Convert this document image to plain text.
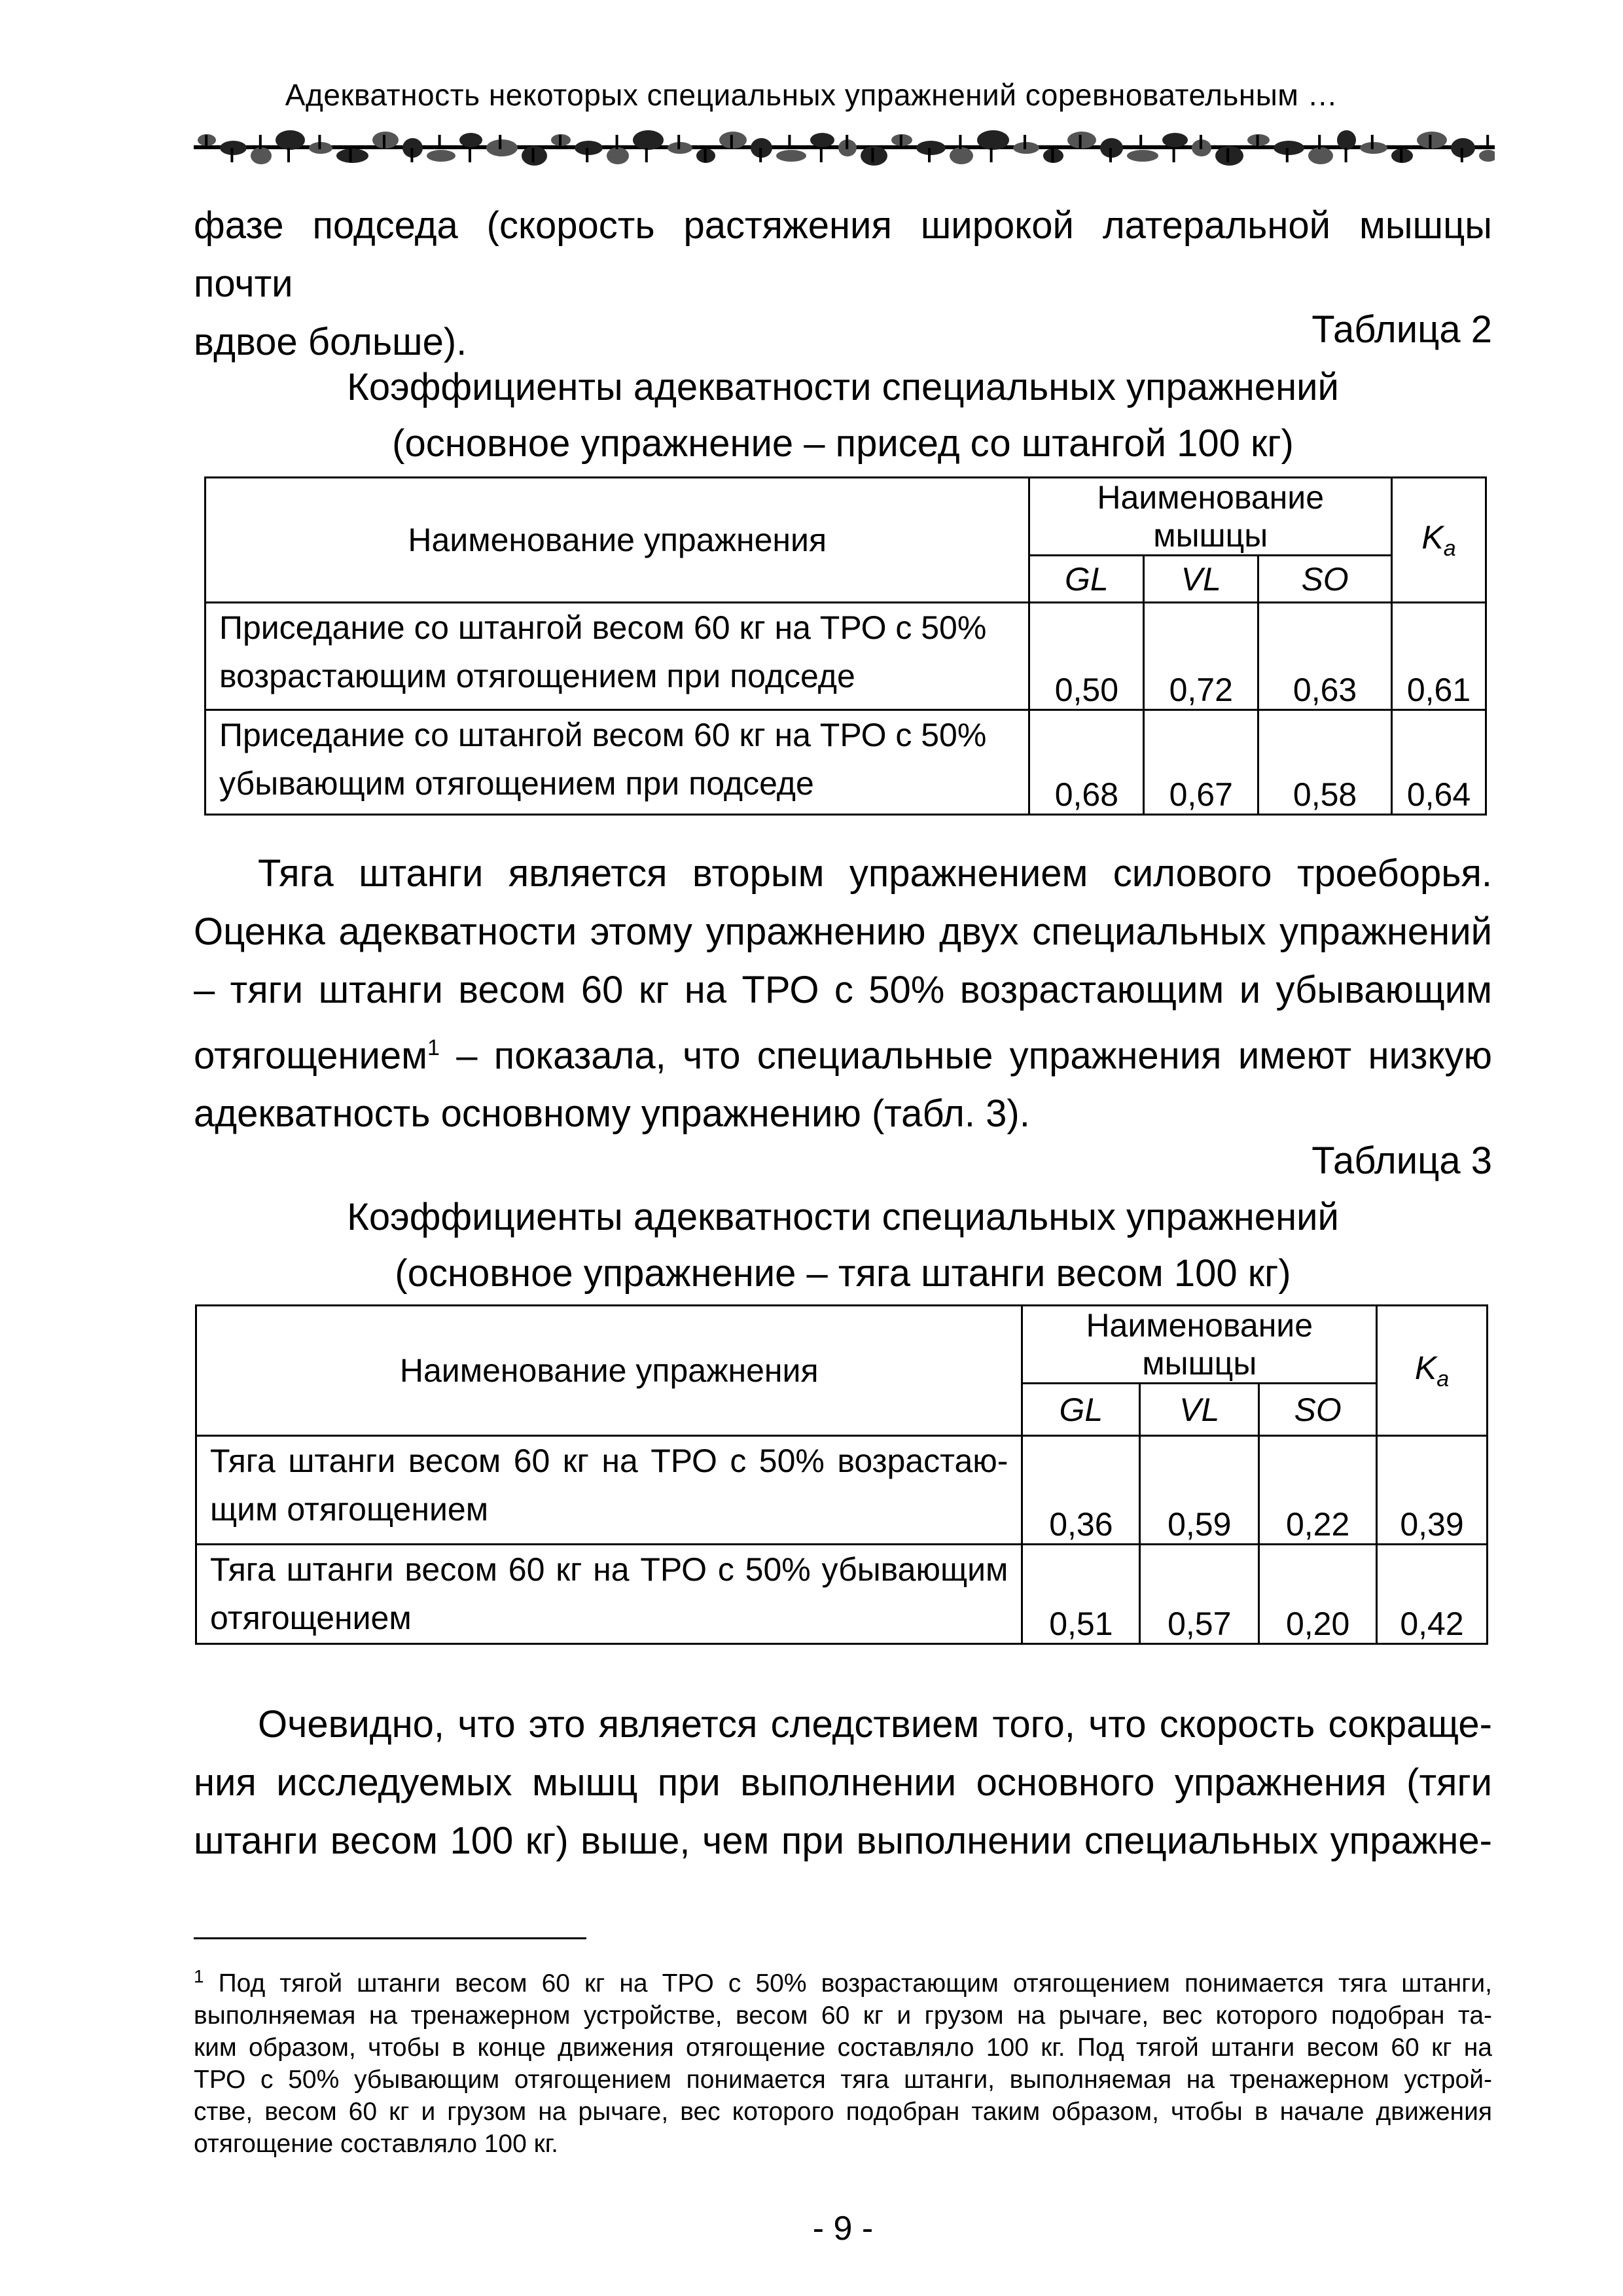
Адекватность некоторых специальных упражнений соревновательным …
фазе подседа (скорость растяжения широкой латеральной мышцы почти
вдвое больше).	Таблица 2
Коэффициенты адекватности специальных упражнений
(основное упражнение – присед со штангой 100 кг)
Наименование упражнения	Наименование мышцы			$K_а$
	GL	VL	SO	

Приседание со штангой весом 60 кг на ТРО с 50%
возрастающим отягощением при подседе	0,50	0,72	0,63	0,61

Приседание со штангой весом 60 кг на ТРО с 50%
убывающим отягощением при подседе	0,68	0,67	0,58	0,64
Тяга штанги является вторым упражнением силового троеборья.
Оценка адекватности этому упражнению двух специальных упражнений
– тяги штанги весом 60 кг на ТРО с 50% возрастающим и убывающим
отягощением$^1$ – показала, что специальные упражнения имеют низкую
адекватность основному упражнению (табл. 3).
Таблица 3
Коэффициенты адекватности специальных упражнений
(основное упражнение – тяга штанги весом 100 кг)
Наименование упражнения	Наименование мышцы			$K_а$
	GL	VL	SO	

Тяга штанги весом 60 кг на ТРО с 50% возрастаю-
щим отягощением	0,36	0,59	0,22	0,39

Тяга штанги весом 60 кг на ТРО с 50% убывающим
отягощением	0,51	0,57	0,20	0,42
Очевидно, что это является следствием того, что скорость сокраще-
ния исследуемых мышц при выполнении основного упражнения (тяги
штанги весом 100 кг) выше, чем при выполнении специальных упражне-
$^1$ Под тягой штанги весом 60 кг на ТРО с 50% возрастающим отягощением понимается тяга штанги,
выполняемая на тренажерном устройстве, весом 60 кг и грузом на рычаге, вес которого подобран та-
ким образом, чтобы в конце движения отягощение составляло 100 кг. Под тягой штанги весом 60 кг на
ТРО с 50% убывающим отягощением понимается тяга штанги, выполняемая на тренажерном устрой-
стве, весом 60 кг и грузом на рычаге, вес которого подобран таким образом, чтобы в начале движения
отягощение составляло 100 кг.
- 9 -
